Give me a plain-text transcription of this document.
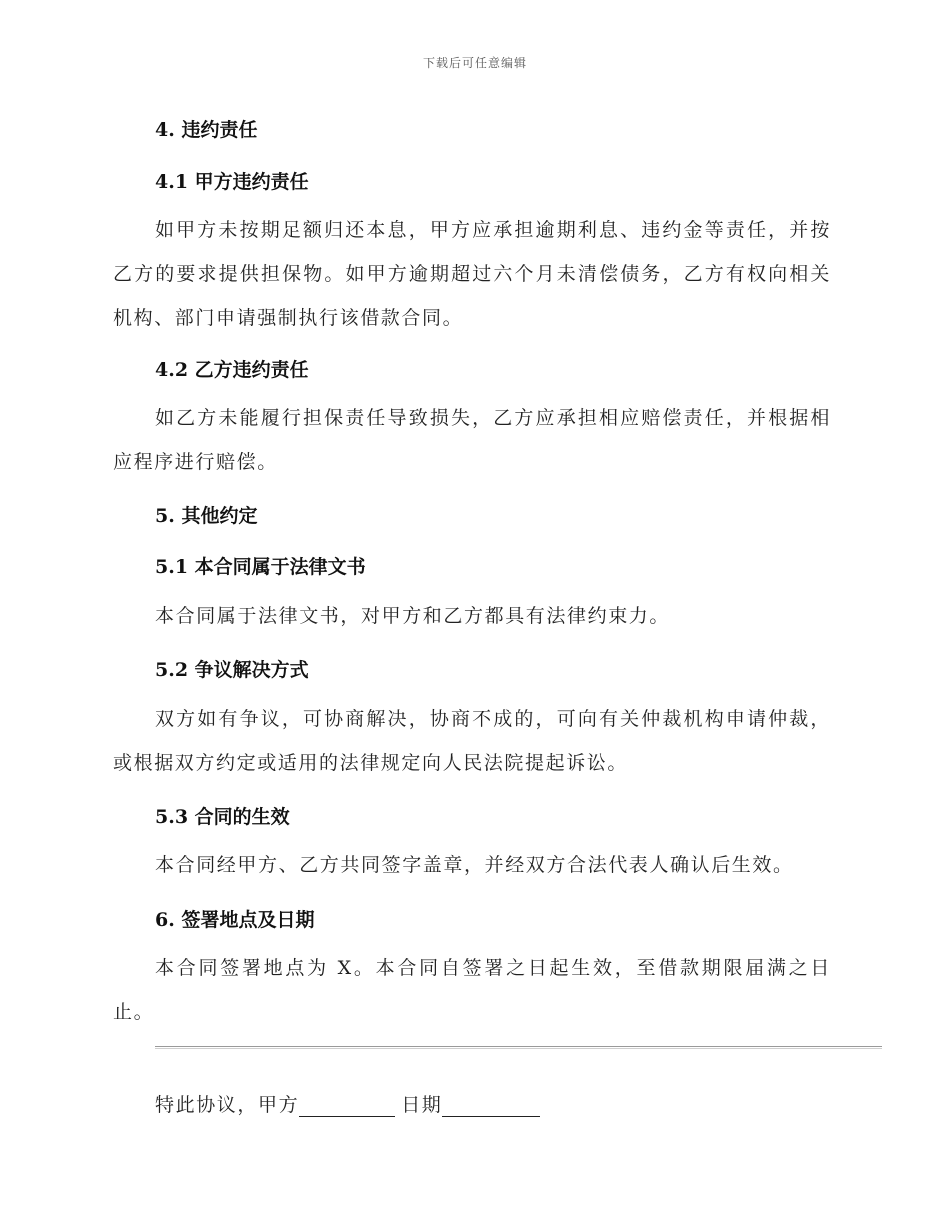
下载后可任意编辑
4. 违约责任
4.1 甲方违约责任
如甲方未按期足额归还本息，甲方应承担逾期利息、违约金等责任，并按乙方的要求提供担保物。如甲方逾期超过六个月未清偿债务，乙方有权向相关机构、部门申请强制执行该借款合同。
4.2 乙方违约责任
如乙方未能履行担保责任导致损失，乙方应承担相应赔偿责任，并根据相应程序进行赔偿。
5. 其他约定
5.1 本合同属于法律文书
本合同属于法律文书，对甲方和乙方都具有法律约束力。
5.2 争议解决方式
双方如有争议，可协商解决，协商不成的，可向有关仲裁机构申请仲裁，或根据双方约定或适用的法律规定向人民法院提起诉讼。
5.3 合同的生效
本合同经甲方、乙方共同签字盖章，并经双方合法代表人确认后生效。
6. 签署地点及日期
本合同签署地点为 X。本合同自签署之日起生效，至借款期限届满之日止。
特此协议，甲方	日期
